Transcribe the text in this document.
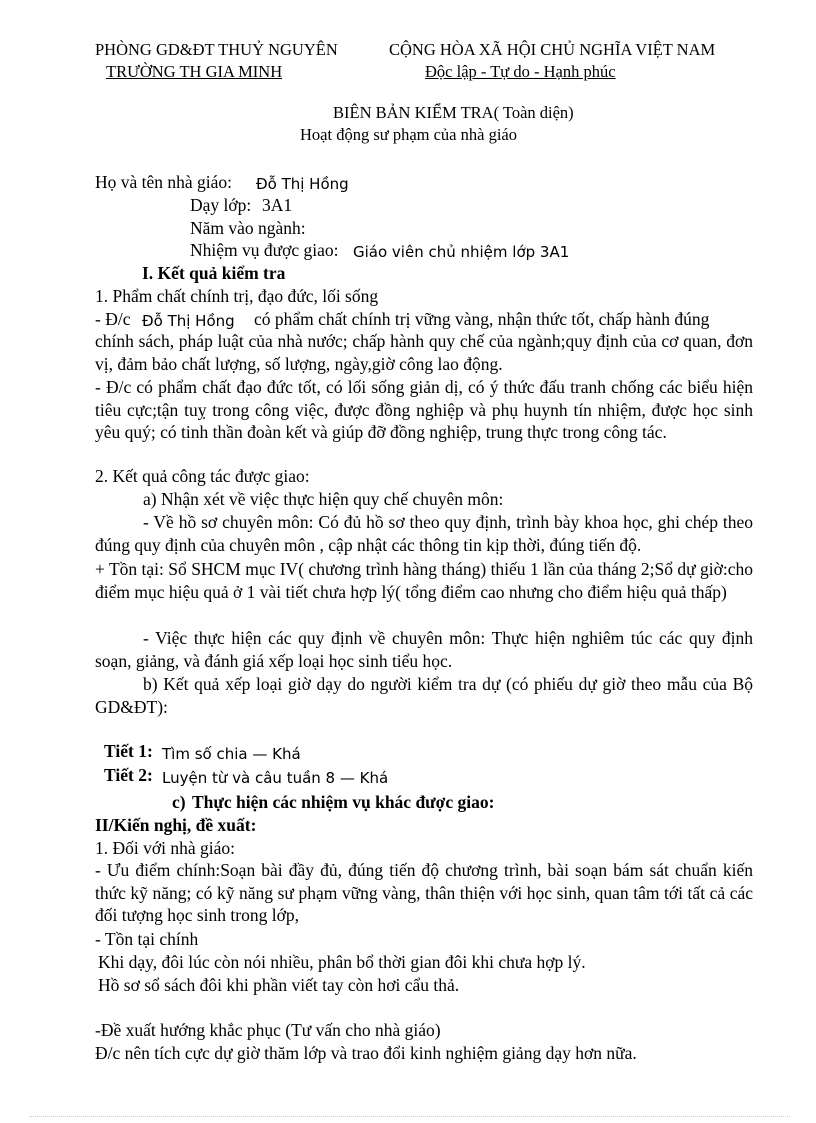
PHÒNG GD&ĐT THUỶ NGUYÊN
TRƯỜNG TH GIA MINH
CỘNG HÒA XÃ HỘI CHỦ NGHĨA VIỆT NAM
Độc lập - Tự do - Hạnh phúc
BIÊN BẢN KIỂM TRA( Toàn diện)
Hoạt động sư phạm của nhà giáo
Họ và tên nhà giáo: Đỗ Thị Hồng
Dạy lớp: 3A1
Năm vào ngành:
Nhiệm vụ được giao: Giáo viên chủ nhiệm lớp 3A1
I. Kết quả kiểm tra
1. Phẩm chất chính trị, đạo đức, lối sống
- Đ/c Đỗ Thị Hồng có phẩm chất chính trị vững vàng, nhận thức tốt, chấp hành đúng
chính sách, pháp luật của nhà nước; chấp hành quy chế của ngành;quy định của cơ quan, đơn vị, đảm bảo chất lượng, số lượng, ngày,giờ công lao động.
- Đ/c có phẩm chất đạo đức tốt, có lối sống giản dị, có ý thức đấu tranh chống các biểu hiện tiêu cực;tận tuỵ trong công việc, được đồng nghiệp và phụ huynh tín nhiệm, được học sinh yêu quý; có tinh thần đoàn kết và giúp đỡ đồng nghiệp, trung thực trong công tác.
2. Kết quả công tác được giao:
a) Nhận xét về việc thực hiện quy chế chuyên môn:
- Về hồ sơ chuyên môn: Có đủ hồ sơ theo quy định, trình bày khoa học, ghi chép theo đúng quy định của chuyên môn , cập nhật các thông tin kịp thời, đúng tiến độ.
+ Tồn tại: Sổ SHCM mục IV( chương trình hàng tháng) thiếu 1 lần của tháng 2;Sổ dự giờ:cho điểm mục hiệu quả ở 1 vài tiết chưa hợp lý( tổng điểm cao nhưng cho điểm hiệu quả thấp)
- Việc thực hiện các quy định về chuyên môn: Thực hiện nghiêm túc các quy định soạn, giảng, và đánh giá xếp loại học sinh tiểu học.
b) Kết quả xếp loại giờ dạy do người kiểm tra dự (có phiếu dự giờ theo mẫu của Bộ GD&ĐT):
Tiết 1: Tìm số chia — Khá
Tiết 2: Luyện từ và câu tuần 8 — Khá
c) Thực hiện các nhiệm vụ khác được giao:
II/Kiến nghị, đề xuất:
1. Đối với nhà giáo:
- Ưu điểm chính:Soạn bài đầy đủ, đúng tiến độ chương trình, bài soạn bám sát chuẩn kiến thức kỹ năng; có kỹ năng sư phạm vững vàng, thân thiện với học sinh, quan tâm tới tất cả các đối tượng học sinh trong lớp,
- Tồn tại chính
Khi dạy, đôi lúc còn nói nhiều, phân bổ thời gian đôi khi chưa hợp lý.
Hồ sơ sổ sách đôi khi phần viết tay còn hơi cẩu thả.
-Đề xuất hướng khắc phục (Tư vấn cho nhà giáo)
Đ/c nên tích cực dự giờ thăm lớp và trao đổi kinh nghiệm giảng dạy hơn nữa.
